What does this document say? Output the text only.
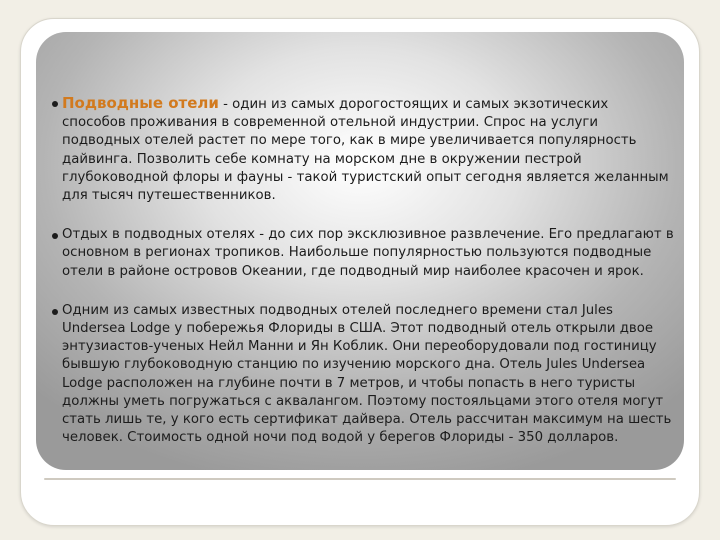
Подводные отели - один из самых дорогостоящих и самых экзотических способов проживания в современной отельной индустрии. Спрос на услуги подводных отелей растет по мере того, как в мире увеличивается популярность дайвинга. Позволить себе комнату на морском дне в окружении пестрой глубоководной флоры и фауны - такой туристский опыт сегодня является желанным для тысяч путешественников.

Отдых в подводных отелях - до сих пор эксклюзивное развлечение. Его предлагают в основном в регионах тропиков. Наибольше популярностью пользуются подводные отели в районе островов Океании, где подводный мир наиболее красочен и ярок.

Одним из самых известных подводных отелей последнего времени стал Jules Undersea Lodge у побережья Флориды в США. Этот подводный отель открыли двое энтузиастов-ученых Нейл Манни и Ян Коблик. Они переоборудовали под гостиницу бывшую глубоководную станцию по изучению морского дна. Отель Jules Undersea Lodge расположен на глубине почти в 7 метров, и чтобы попасть в него туристы должны уметь погружаться с аквалангом. Поэтому постояльцами этого отеля могут стать лишь те, у кого есть сертификат дайвера. Отель рассчитан максимум на шесть человек. Стоимость одной ночи под водой у берегов Флориды - 350 долларов.
